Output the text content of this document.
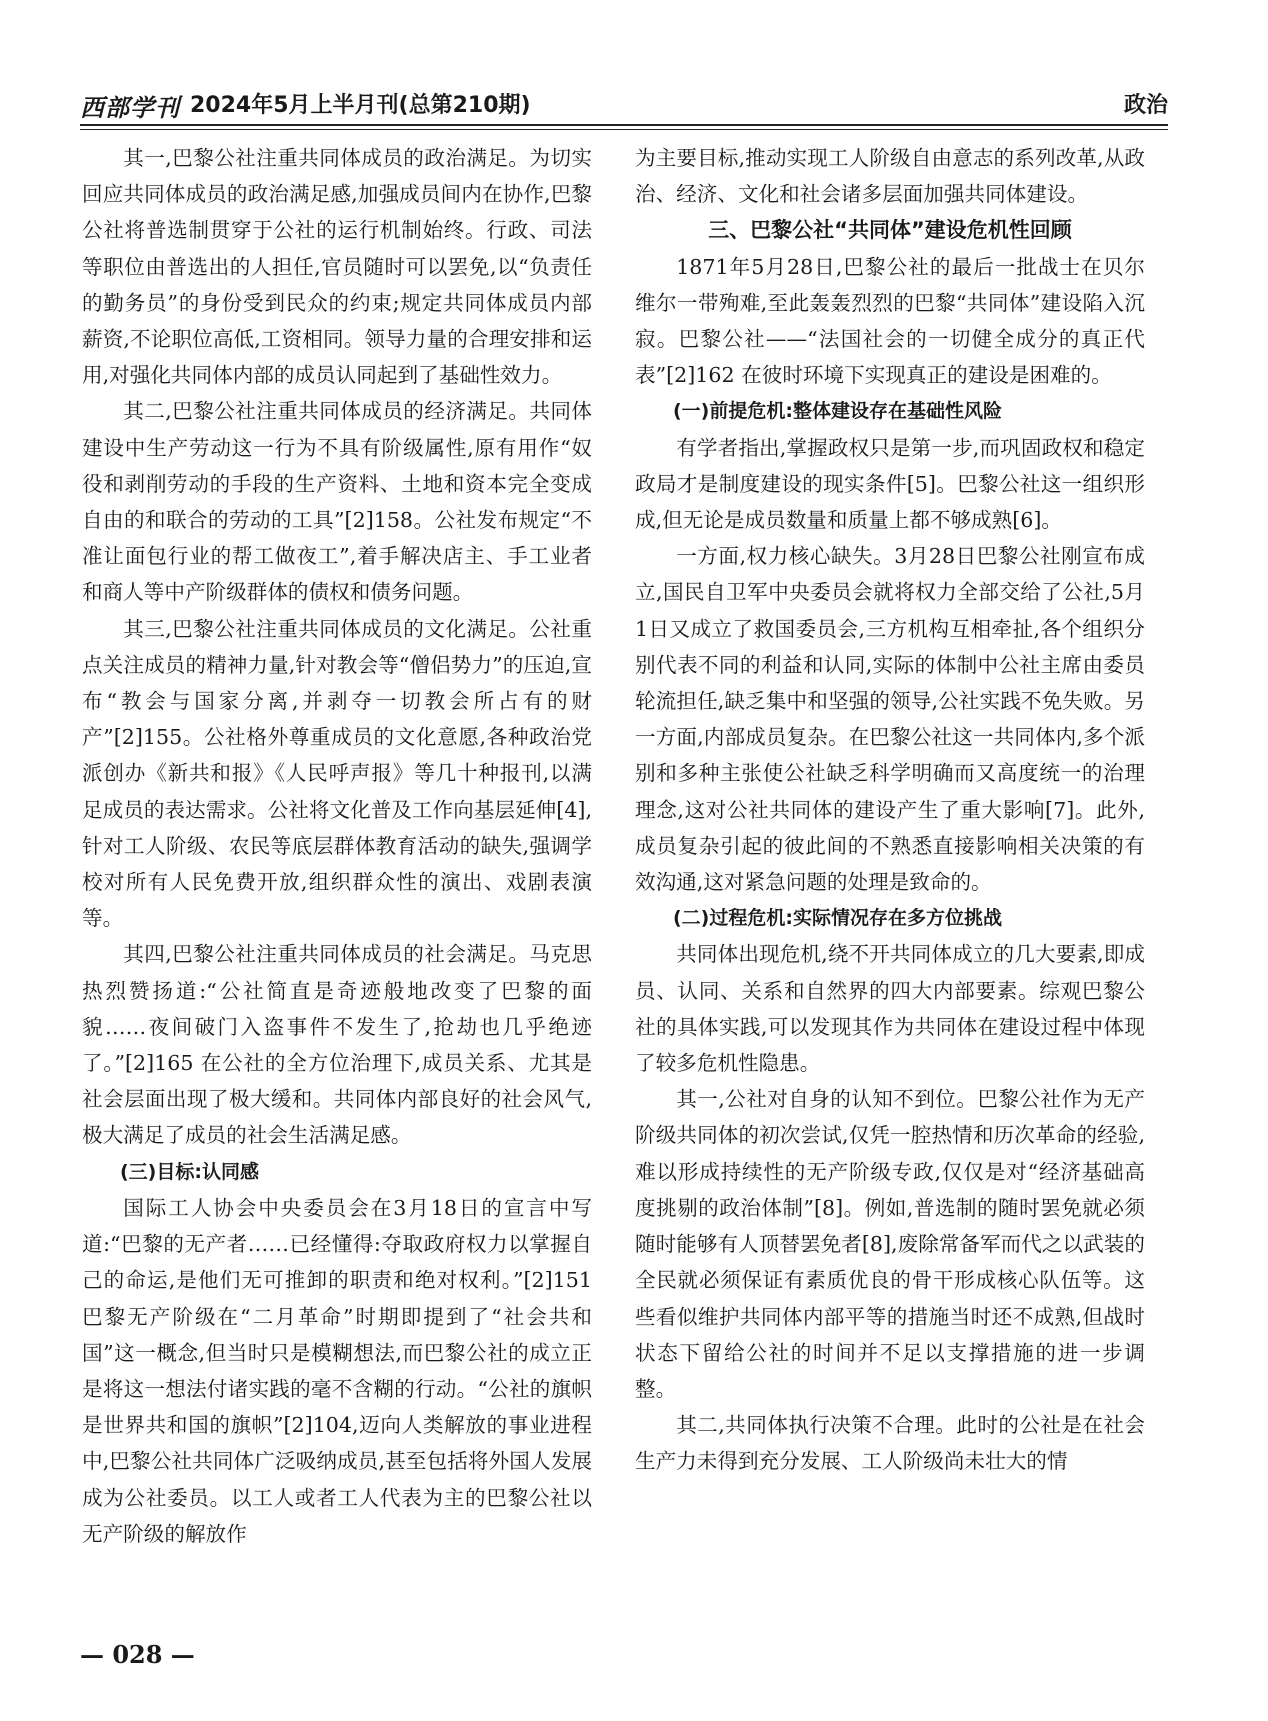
西部学刊 2024年5月上半月刊(总第210期)	政治

其一,巴黎公社注重共同体成员的政治满足。为切实回应共同体成员的政治满足感,加强成员间内在协作,巴黎公社将普选制贯穿于公社的运行机制始终。行政、司法等职位由普选出的人担任,官员随时可以罢免,以“负责任的勤务员”的身份受到民众的约束;规定共同体成员内部薪资,不论职位高低,工资相同。领导力量的合理安排和运用,对强化共同体内部的成员认同起到了基础性效力。

其二,巴黎公社注重共同体成员的经济满足。共同体建设中生产劳动这一行为不具有阶级属性,原有用作“奴役和剥削劳动的手段的生产资料、土地和资本完全变成自由的和联合的劳动的工具”[2]158。公社发布规定“不准让面包行业的帮工做夜工”,着手解决店主、手工业者和商人等中产阶级群体的债权和债务问题。

其三,巴黎公社注重共同体成员的文化满足。公社重点关注成员的精神力量,针对教会等“僧侣势力”的压迫,宣布“教会与国家分离,并剥夺一切教会所占有的财产”[2]155。公社格外尊重成员的文化意愿,各种政治党派创办《新共和报》《人民呼声报》等几十种报刊,以满足成员的表达需求。公社将文化普及工作向基层延伸[4],针对工人阶级、农民等底层群体教育活动的缺失,强调学校对所有人民免费开放,组织群众性的演出、戏剧表演等。

其四,巴黎公社注重共同体成员的社会满足。马克思热烈赞扬道:“公社简直是奇迹般地改变了巴黎的面貌……夜间破门入盗事件不发生了,抢劫也几乎绝迹了。”[2]165 在公社的全方位治理下,成员关系、尤其是社会层面出现了极大缓和。共同体内部良好的社会风气,极大满足了成员的社会生活满足感。

(三)目标:认同感

国际工人协会中央委员会在3月18日的宣言中写道:“巴黎的无产者……已经懂得:夺取政府权力以掌握自己的命运,是他们无可推卸的职责和绝对权利。”[2]151 巴黎无产阶级在“二月革命”时期即提到了“社会共和国”这一概念,但当时只是模糊想法,而巴黎公社的成立正是将这一想法付诸实践的毫不含糊的行动。“公社的旗帜是世界共和国的旗帜”[2]104,迈向人类解放的事业进程中,巴黎公社共同体广泛吸纳成员,甚至包括将外国人发展成为公社委员。以工人或者工人代表为主的巴黎公社以无产阶级的解放作

为主要目标,推动实现工人阶级自由意志的系列改革,从政治、经济、文化和社会诸多层面加强共同体建设。

三、巴黎公社“共同体”建设危机性回顾

1871年5月28日,巴黎公社的最后一批战士在贝尔维尔一带殉难,至此轰轰烈烈的巴黎“共同体”建设陷入沉寂。巴黎公社——“法国社会的一切健全成分的真正代表”[2]162 在彼时环境下实现真正的建设是困难的。

(一)前提危机:整体建设存在基础性风险

有学者指出,掌握政权只是第一步,而巩固政权和稳定政局才是制度建设的现实条件[5]。巴黎公社这一组织形成,但无论是成员数量和质量上都不够成熟[6]。

一方面,权力核心缺失。3月28日巴黎公社刚宣布成立,国民自卫军中央委员会就将权力全部交给了公社,5月1日又成立了救国委员会,三方机构互相牵扯,各个组织分别代表不同的利益和认同,实际的体制中公社主席由委员轮流担任,缺乏集中和坚强的领导,公社实践不免失败。另一方面,内部成员复杂。在巴黎公社这一共同体内,多个派别和多种主张使公社缺乏科学明确而又高度统一的治理理念,这对公社共同体的建设产生了重大影响[7]。此外,成员复杂引起的彼此间的不熟悉直接影响相关决策的有效沟通,这对紧急问题的处理是致命的。

(二)过程危机:实际情况存在多方位挑战

共同体出现危机,绕不开共同体成立的几大要素,即成员、认同、关系和自然界的四大内部要素。综观巴黎公社的具体实践,可以发现其作为共同体在建设过程中体现了较多危机性隐患。

其一,公社对自身的认知不到位。巴黎公社作为无产阶级共同体的初次尝试,仅凭一腔热情和历次革命的经验,难以形成持续性的无产阶级专政,仅仅是对“经济基础高度挑剔的政治体制”[8]。例如,普选制的随时罢免就必须随时能够有人顶替罢免者[8],废除常备军而代之以武装的全民就必须保证有素质优良的骨干形成核心队伍等。这些看似维护共同体内部平等的措施当时还不成熟,但战时状态下留给公社的时间并不足以支撑措施的进一步调整。

其二,共同体执行决策不合理。此时的公社是在社会生产力未得到充分发展、工人阶级尚未壮大的情

— 028 —
